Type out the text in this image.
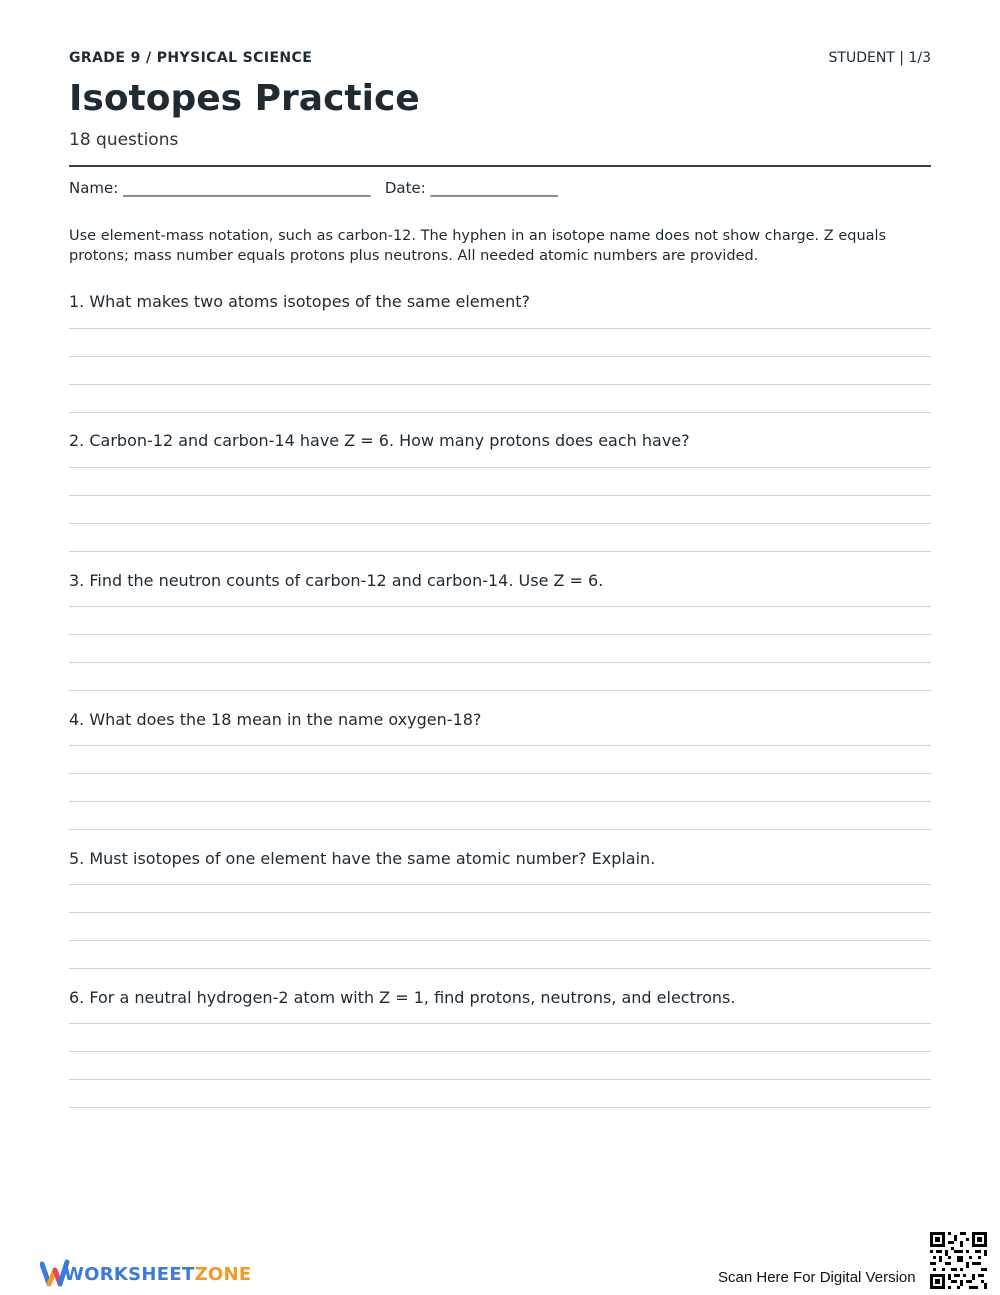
GRADE 9 / PHYSICAL SCIENCE	STUDENT | 1/3
Isotopes Practice
18 questions
Name: _________________________________   Date: _________________
Use element-mass notation, such as carbon-12. The hyphen in an isotope name does not show charge. Z equals protons; mass number equals protons plus neutrons. All needed atomic numbers are provided.
1. What makes two atoms isotopes of the same element?
2. Carbon-12 and carbon-14 have Z = 6. How many protons does each have?
3. Find the neutron counts of carbon-12 and carbon-14. Use Z = 6.
4. What does the 18 mean in the name oxygen-18?
5. Must isotopes of one element have the same atomic number? Explain.
6. For a neutral hydrogen-2 atom with Z = 1, find protons, neutrons, and electrons.
WORKSHEETZONE	Scan Here For Digital Version
